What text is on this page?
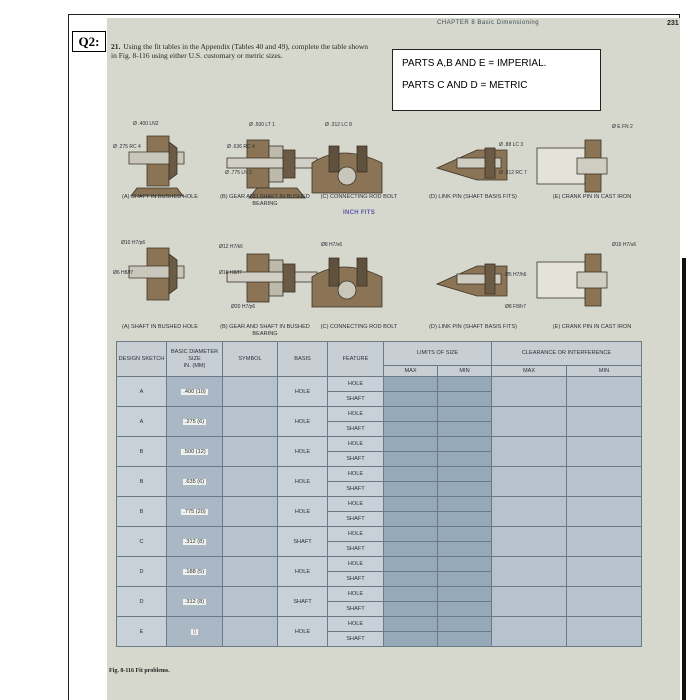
Q2:
CHAPTER 8 Basic Dimensioning	231
21. Using the fit tables in the Appendix (Tables 40 and 49), complete the table shown in Fig. 8-116 using either U.S. customary or metric sizes.
PARTS A,B AND E = IMPERIAL.
PARTS C AND D = METRIC
Ø .400 LN2
Ø .275 RC 4
Ø .500 LT 1
Ø .636 RC 4
Ø .775 LN 2
Ø .312 LC 8
Ø .88 LC 3
Ø .312 RC 7
Ø E FN 2
(A) SHAFT IN BUSHED HOLE	(B) GEAR AND SHAFT IN BUSHED BEARING
(C) CONNECTING ROD BOLT	(D) LINK PIN (SHAFT BASIS FITS)	(E) CRANK PIN IN CAST IRON
INCH FITS
Ø10 H7/p6
Ø6 H8/f7
Ø12 H7/k6
Ø16 H8/f7
Ø20 H7/p6
Ø8 H7/s6
Ø5 H7/h6
Ø8 F8/h7
Ø16 H7/u6
(A) SHAFT IN BUSHED HOLE	(B) GEAR AND SHAFT IN BUSHED BEARING
(C) CONNECTING ROD BOLT	(D) LINK PIN (SHAFT BASIS FITS)	(E) CRANK PIN IN CAST IRON
DESIGN SKETCH	BASIC DIAMETER SIZE
IN. (MM)	SYMBOL	BASIS	FEATURE	LIMITS OF SIZE		CLEARANCE OR INTERFERENCE	
					MAX	MIN	MAX	MIN
A	.400 (10)		HOLE	HOLE				
				SHAFT				
A	.275 (6)		HOLE	HOLE				
				SHAFT				
B	.500 (12)		HOLE	HOLE				
				SHAFT				
B	.635 (6)		HOLE	HOLE				
				SHAFT				
B	.775 (20)		HOLE	HOLE				
				SHAFT				
C	.312 (8)		SHAFT	HOLE				
				SHAFT				
D	.188 (5)		HOLE	HOLE				
				SHAFT				
D	.312 (8)		SHAFT	HOLE				
				SHAFT				
E	▯		HOLE	HOLE				
				SHAFT				
Fig. 8-116 Fit problems.
